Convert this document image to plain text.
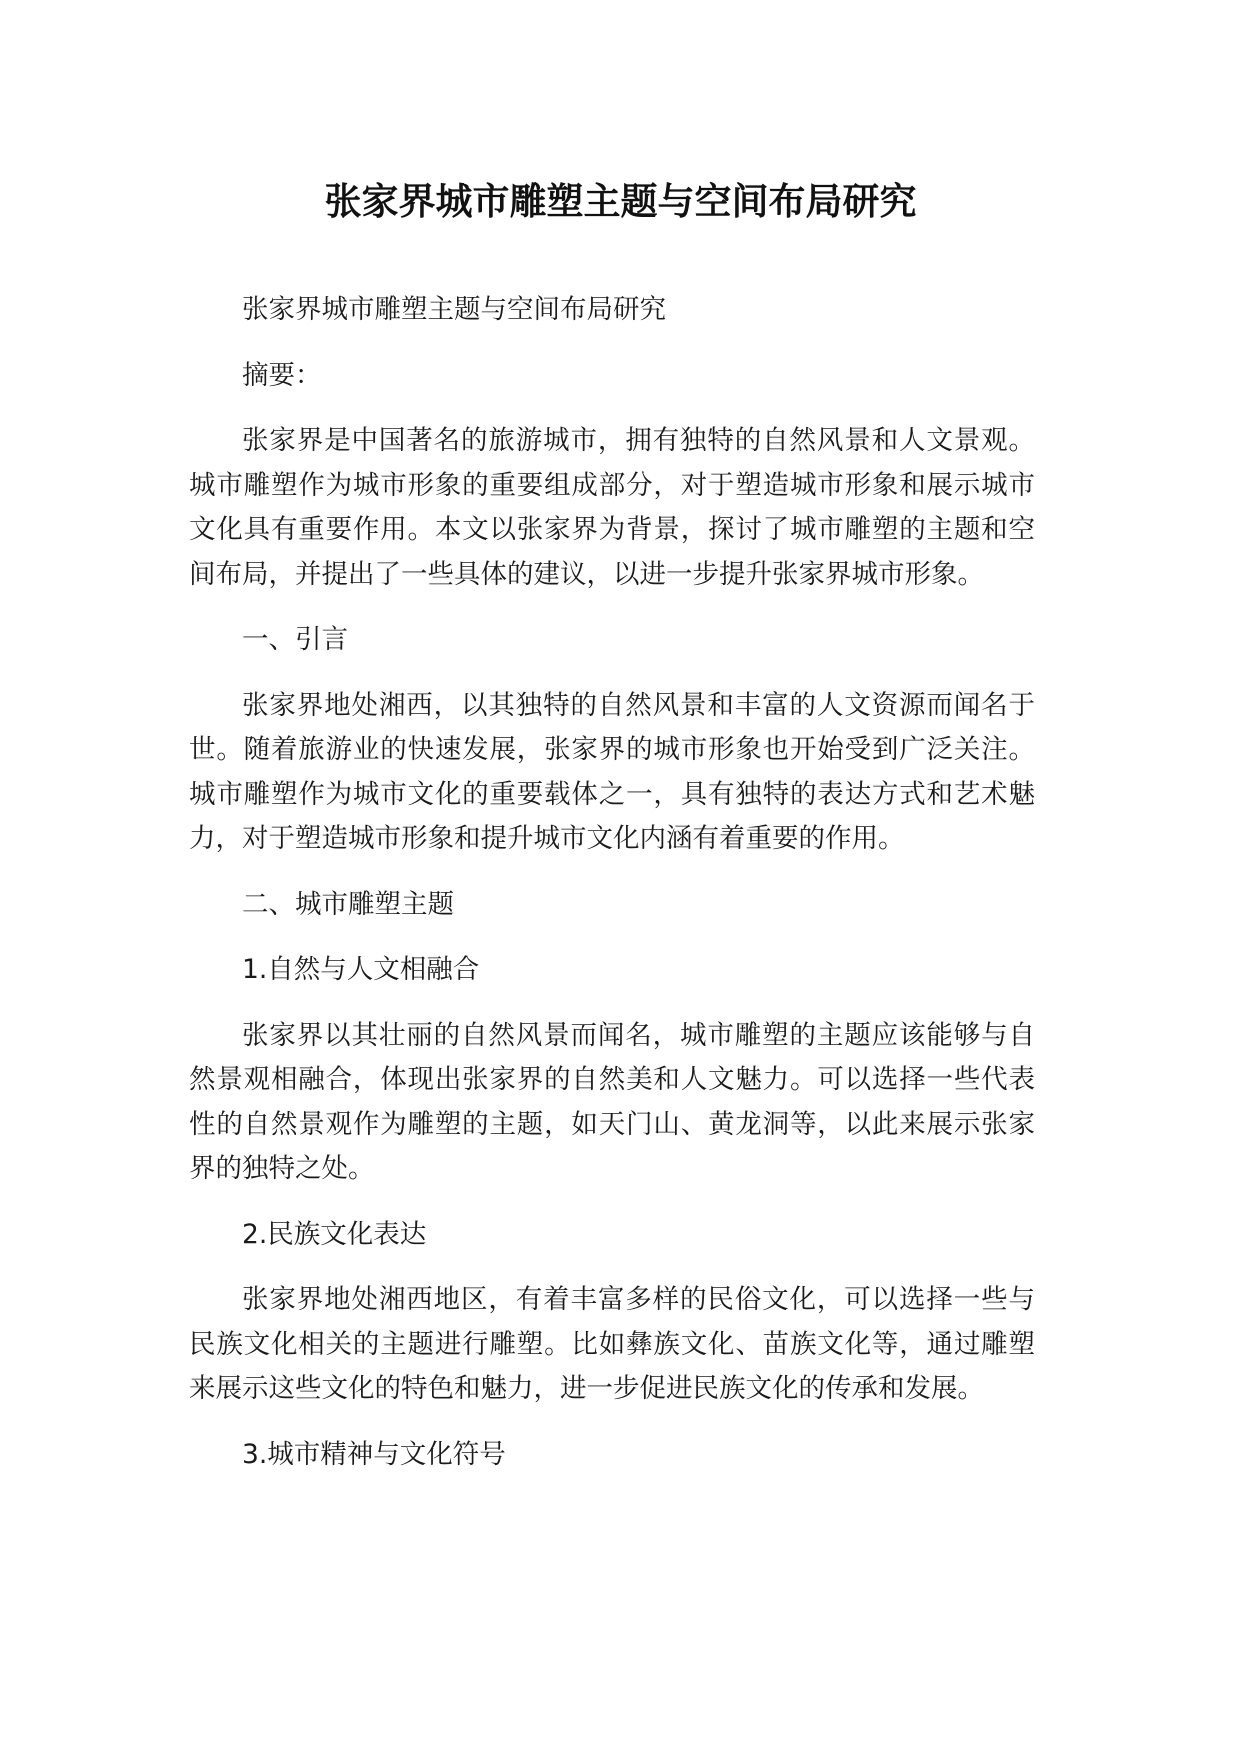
张家界城市雕塑主题与空间布局研究

张家界城市雕塑主题与空间布局研究

摘要：

张家界是中国著名的旅游城市，拥有独特的自然风景和人文景观。城市雕塑作为城市形象的重要组成部分，对于塑造城市形象和展示城市文化具有重要作用。本文以张家界为背景，探讨了城市雕塑的主题和空间布局，并提出了一些具体的建议，以进一步提升张家界城市形象。

一、引言

张家界地处湘西，以其独特的自然风景和丰富的人文资源而闻名于世。随着旅游业的快速发展，张家界的城市形象也开始受到广泛关注。城市雕塑作为城市文化的重要载体之一，具有独特的表达方式和艺术魅力，对于塑造城市形象和提升城市文化内涵有着重要的作用。

二、城市雕塑主题

1.自然与人文相融合

张家界以其壮丽的自然风景而闻名，城市雕塑的主题应该能够与自然景观相融合，体现出张家界的自然美和人文魅力。可以选择一些代表性的自然景观作为雕塑的主题，如天门山、黄龙洞等，以此来展示张家界的独特之处。

2.民族文化表达

张家界地处湘西地区，有着丰富多样的民俗文化，可以选择一些与民族文化相关的主题进行雕塑。比如彝族文化、苗族文化等，通过雕塑来展示这些文化的特色和魅力，进一步促进民族文化的传承和发展。

3.城市精神与文化符号
